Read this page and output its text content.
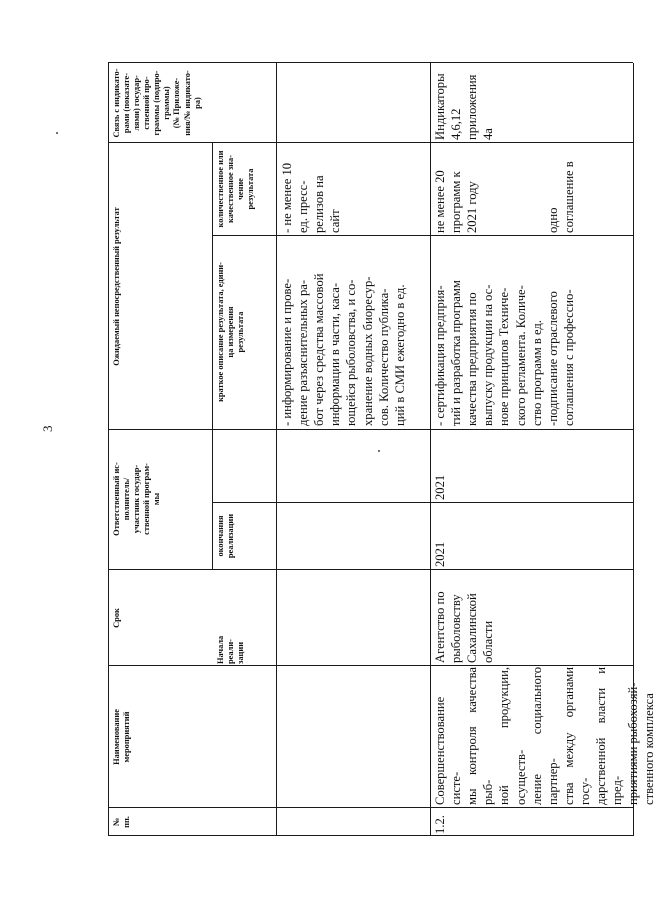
3
№
пп.
Наименование
мероприятий
Ответственный ис-
полнитель/
участник государ-
ственной програм-
мы
Срок
Начала
реали-
зации
окончания
реализации
Ожидаемый непосредственный результат
краткое описание результата, едини-
ца измерения
результата
количественное или
качественное зна-
чение
результата
Связь с индикато-
рами (показате-
лями) государ-
ственной про-
граммы (подпро-
граммы)
(№ Приложе-
ния/№ индикато-
ра)
- информирование и прове-
дение разъяснительных ра-
бот через средства массовой
информации в части, каса-
ющейся рыболовства, и со-
хранение водных биоресур-
сов. Количество публика-
ций в СМИ ежегодно в ед.
- не менее 10
ед. пресс-
релизов на
сайт
1.2.
Совершенствование систе-
мы контроля качества рыб-
ной продукции, осуществ-
ление социального партнер-
ства между органами госу-
дарственной власти и пред-
приятиями рыбохозяй-
ственного комплекса
Агентство по
рыболовству
Сахалинской
области
2021
2021
- сертификация предприя-
тий и разработка программ
качества предприятия по
выпуску продукции на ос-
нове принципов Техниче-
ского регламента. Количе-
ство программ в ед.
-подписание отраслевого
соглашения с профессио-
не менее 20
программ к
2021 году

одно
соглашение в
Индикаторы
4,6,12
приложения
4а
